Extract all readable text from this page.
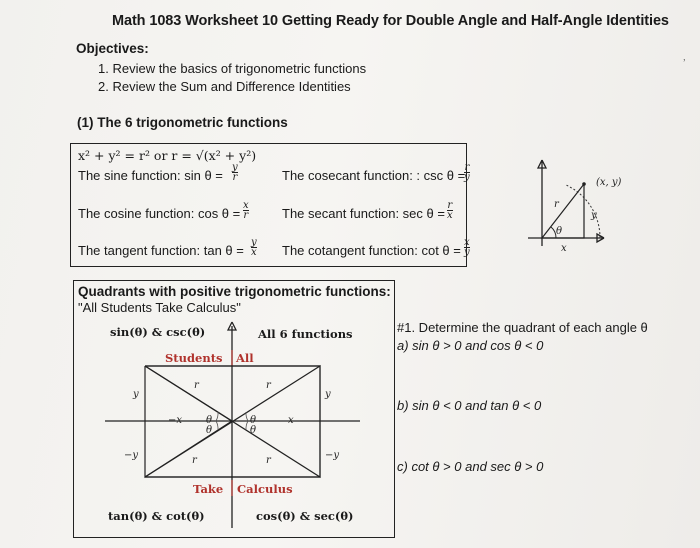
Math 1083 Worksheet 10 Getting Ready for Double Angle and Half-Angle Identities
Objectives:
1. Review the basics of trigonometric functions
2. Review the Sum and Difference Identities
(1) The 6 trigonometric functions
x² + y² = r² or r = √(x² + y²)
The sine function: $\sin \theta = \frac{y}{r}$	The cosecant function: : csc θ =
$\frac{r}{y}$
The cosine function: $\cos \theta = \frac{x}{r}$	The secant function: $\sec \theta = \frac{r}{x}$
The tangent function: $\tan \theta = \frac{y}{x}$ The cotangent function: $\cot \theta = \frac{x}{y}$
(x, y)
r
y
x
θ
Quadrants with positive trigonometric functions:
"All Students Take Calculus"
sin(θ) & csc(θ)	All 6 functions
Students All
Take Calculus
tan(θ) & cot(θ)	cos(θ) & sec(θ)
r	r
y	y
−x	x
θ	θ
θ	θ
−y	−y
r	r
#1. Determine the quadrant of each angle θ
a) sin θ > 0 and cos θ < 0
b) sin θ < 0 and tan θ < 0
c) cot θ > 0 and sec θ > 0
’
